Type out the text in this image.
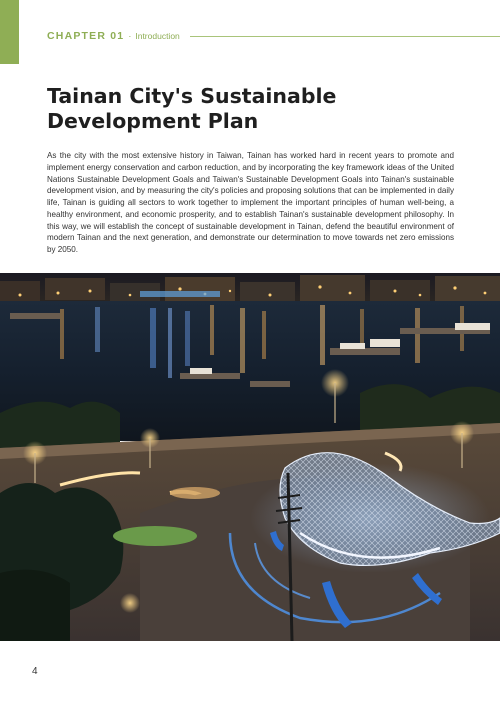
CHAPTER 01 · Introduction
Tainan City's Sustainable Development Plan

As the city with the most extensive history in Taiwan, Tainan has worked hard in recent years to promote and implement energy conservation and carbon reduction, and by incorporating the key framework ideas of the United Nations Sustainable Development Goals and Taiwan's Sustainable Development Goals into Tainan's sustainable development vision, and by measuring the city's policies and proposing solutions that can be implemented in daily life, Tainan is guiding all sectors to work together to implement the important principles of human well-being, a healthy environment, and economic prosperity, and to establish Tainan's sustainable development philosophy. In this way, we will establish the concept of sustainable development in Tainan, defend the beautiful environment of modern Tainan and the next generation, and demonstrate our determination to move towards net zero emissions by 2050.

4
